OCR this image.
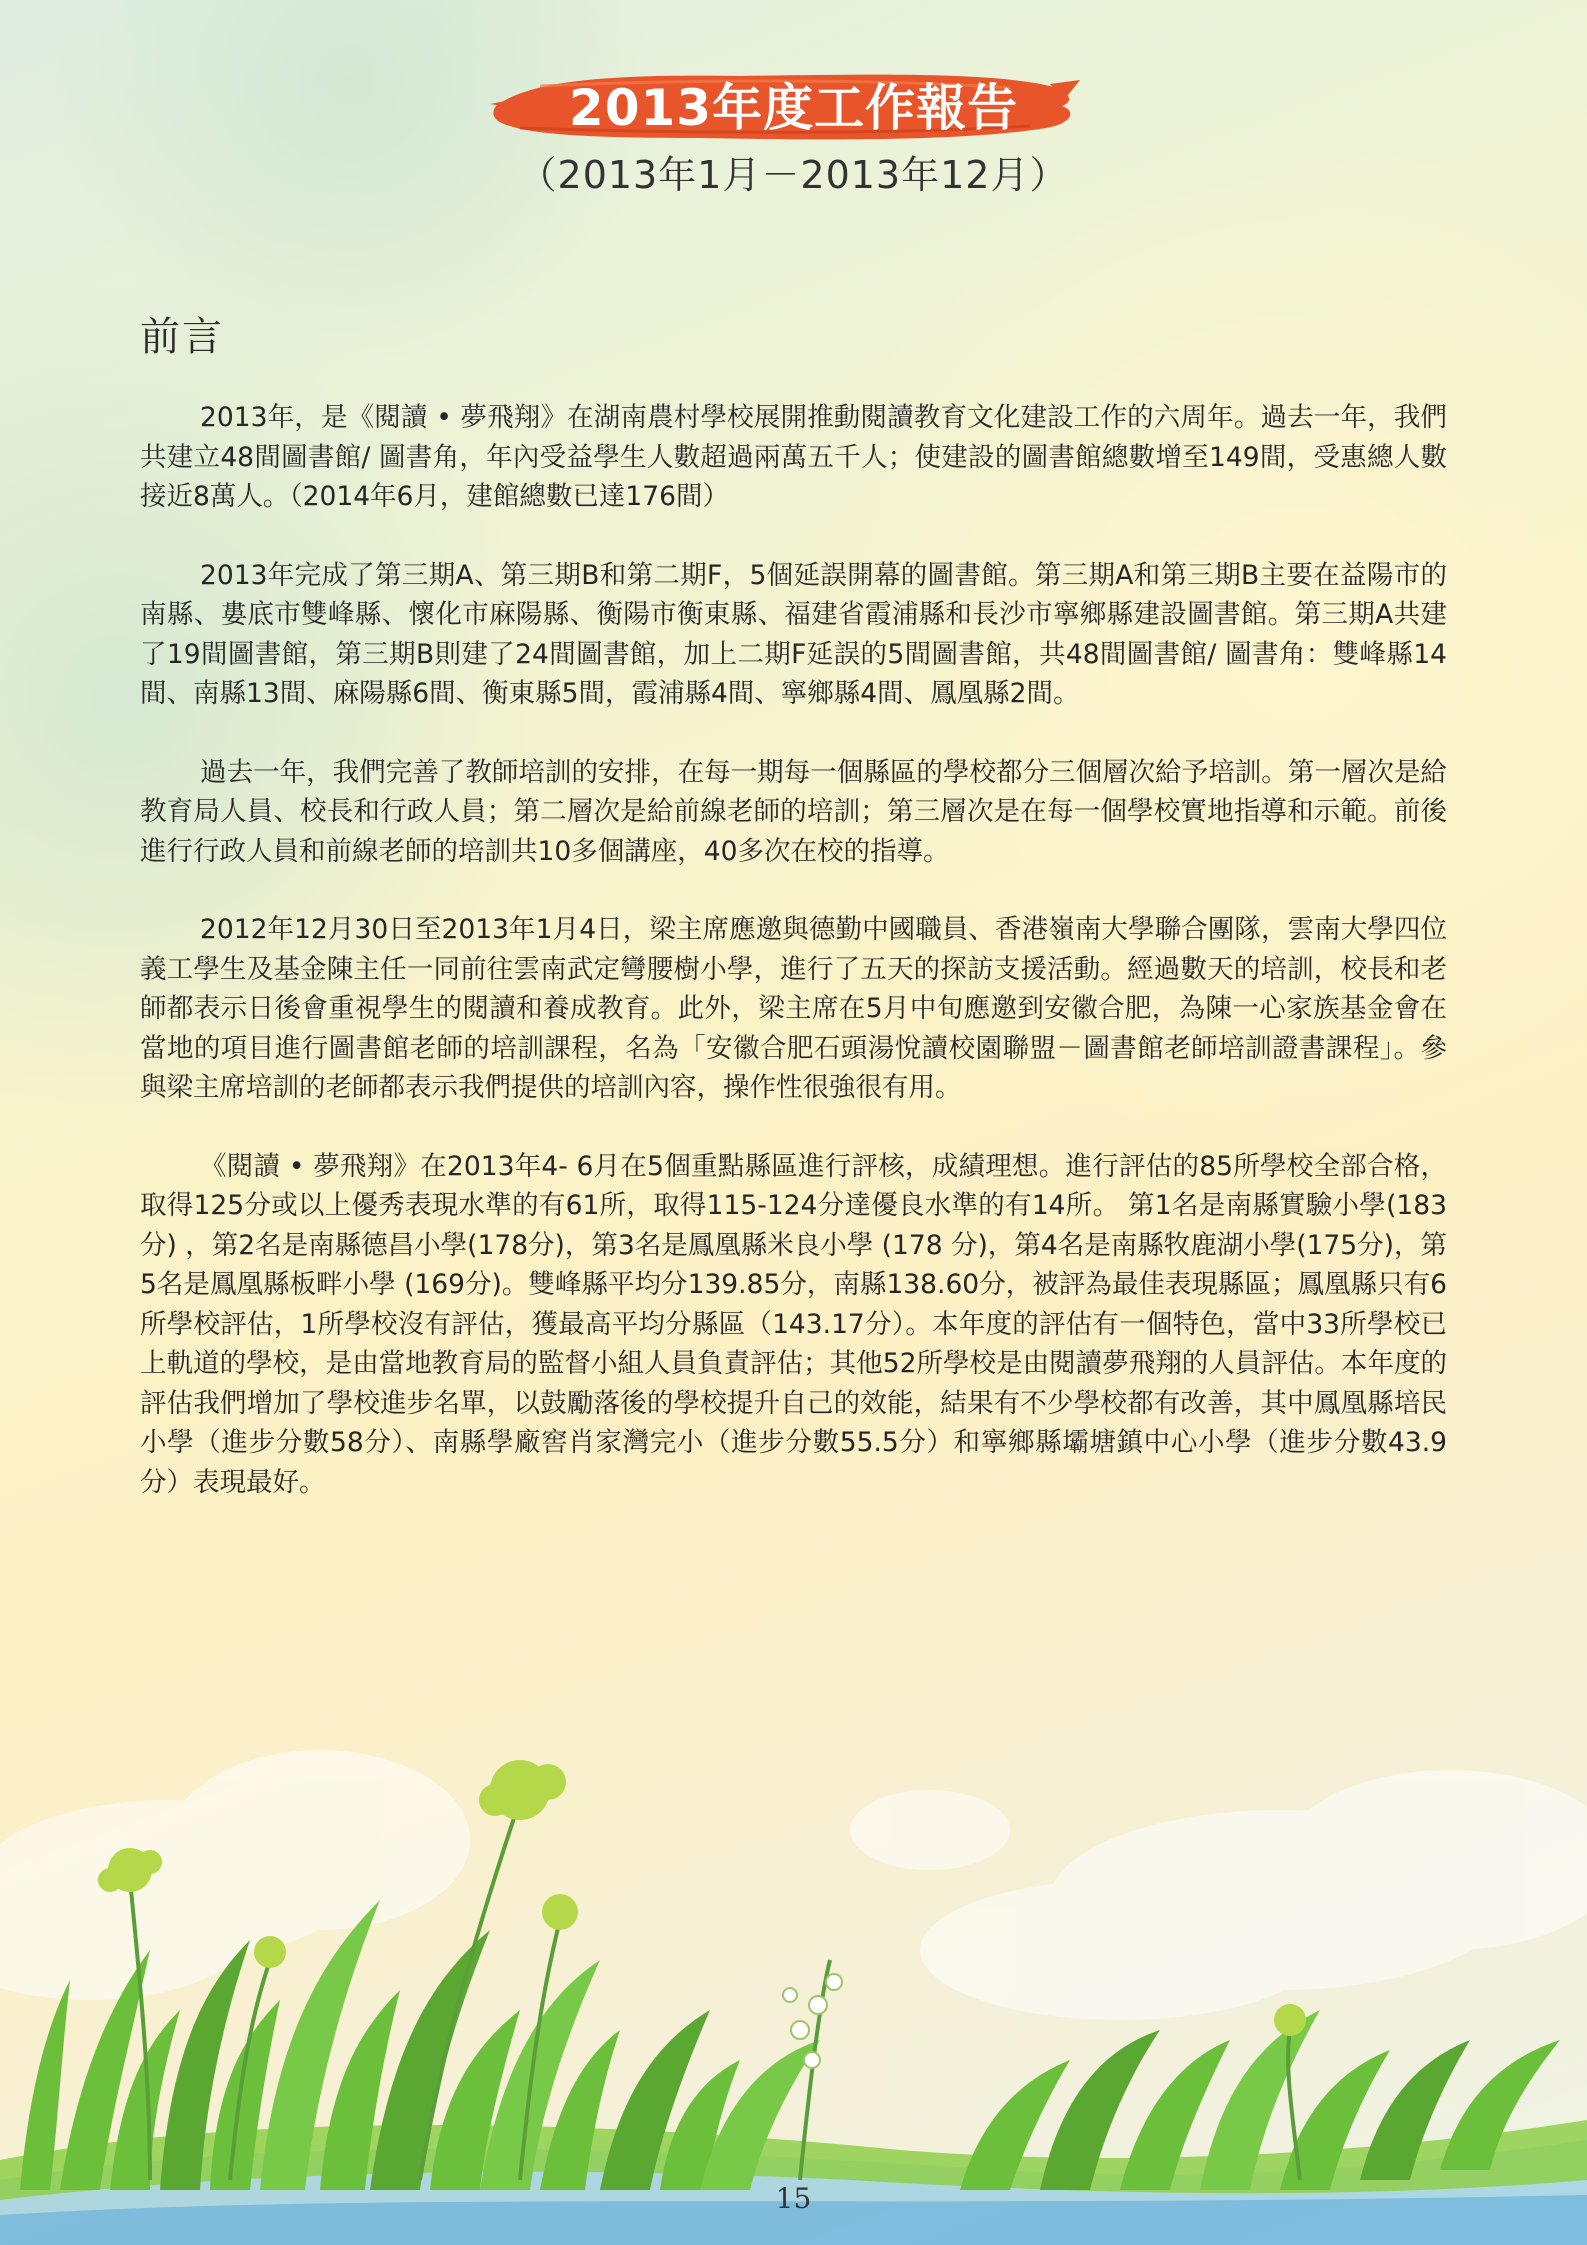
2013年度工作報告
（2013年1月－2013年12月）
前言

2013年，是《閱讀 • 夢飛翔》在湖南農村學校展開推動閱讀教育文化建設工作的六周年。過去一年，我們共建立48間圖書館/ 圖書角，年內受益學生人數超過兩萬五千人；使建設的圖書館總數增至149間，受惠總人數接近8萬人。（2014年6月，建館總數已達176間）

2013年完成了第三期A、第三期B和第二期F，5個延誤開幕的圖書館。第三期A和第三期B主要在益陽市的南縣、婁底市雙峰縣、懷化市麻陽縣、衡陽市衡東縣、福建省霞浦縣和長沙市寧鄉縣建設圖書館。第三期A共建了19間圖書館，第三期B則建了24間圖書館，加上二期F延誤的5間圖書館，共48間圖書館/ 圖書角：雙峰縣14間、南縣13間、麻陽縣6間、衡東縣5間，霞浦縣4間、寧鄉縣4間、鳳凰縣2間。

過去一年，我們完善了教師培訓的安排，在每一期每一個縣區的學校都分三個層次給予培訓。第一層次是給教育局人員、校長和行政人員；第二層次是給前線老師的培訓；第三層次是在每一個學校實地指導和示範。前後進行行政人員和前線老師的培訓共10多個講座，40多次在校的指導。

2012年12月30日至2013年1月4日，梁主席應邀與德勤中國職員、香港嶺南大學聯合團隊，雲南大學四位義工學生及基金陳主任一同前往雲南武定彎腰樹小學，進行了五天的探訪支援活動。經過數天的培訓，校長和老師都表示日後會重視學生的閱讀和養成教育。此外，梁主席在5月中旬應邀到安徽合肥，為陳一心家族基金會在當地的項目進行圖書館老師的培訓課程，名為「安徽合肥石頭湯悅讀校園聯盟－圖書館老師培訓證書課程」。參與梁主席培訓的老師都表示我們提供的培訓內容，操作性很強很有用。

《閱讀 • 夢飛翔》在2013年4- 6月在5個重點縣區進行評核，成績理想。進行評估的85所學校全部合格，取得125分或以上優秀表現水準的有61所，取得115-124分達優良水準的有14所。 第1名是南縣實驗小學(183分) ，第2名是南縣德昌小學(178分)，第3名是鳳凰縣米良小學 (178 分)，第4名是南縣牧鹿湖小學(175分)，第5名是鳳凰縣板畔小學 (169分)。雙峰縣平均分139.85分，南縣138.60分，被評為最佳表現縣區；鳳凰縣只有6所學校評估，1所學校沒有評估，獲最高平均分縣區（143.17分）。本年度的評估有一個特色，當中33所學校已上軌道的學校，是由當地教育局的監督小組人員負責評估；其他52所學校是由閱讀夢飛翔的人員評估。本年度的評估我們增加了學校進步名單，以鼓勵落後的學校提升自己的效能，結果有不少學校都有改善，其中鳳凰縣培民小學（進步分數58分）、南縣學廠窖肖家灣完小（進步分數55.5分）和寧鄉縣壩塘鎮中心小學（進步分數43.9分）表現最好。

15
